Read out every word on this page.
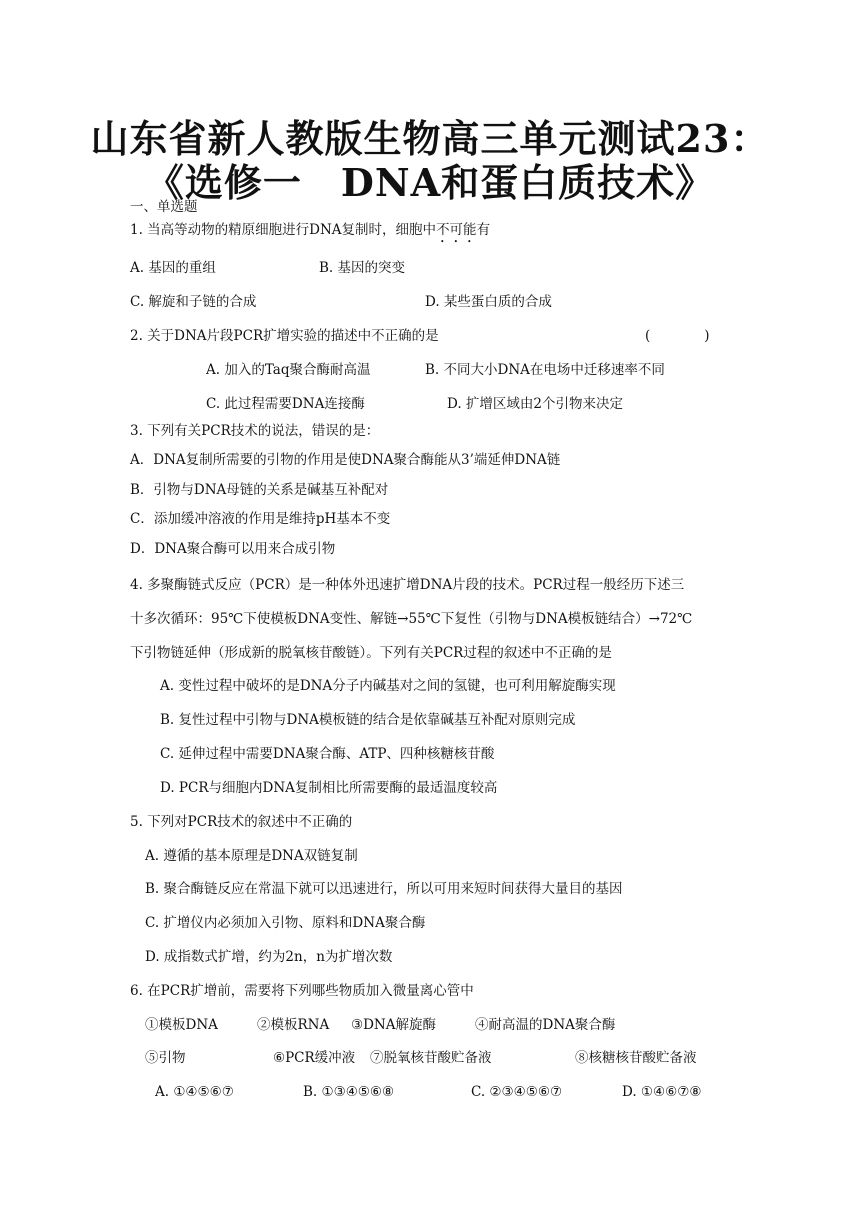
山东省新人教版生物高三单元测试23：
《选修一　DNA和蛋白质技术》
一、单选题
1. 当高等动物的精原细胞进行DNA复制时，细胞中不可能有
A. 基因的重组	B. 基因的突变
C. 解旋和子链的合成	D. 某些蛋白质的合成
2. 关于DNA片段PCR扩增实验的描述中不正确的是	(　　　　)
A. 加入的Taq聚合酶耐高温	B. 不同大小DNA在电场中迁移速率不同
C. 此过程需要DNA连接酶	D. 扩增区域由2个引物来决定
3. 下列有关PCR技术的说法，错误的是：
A．DNA复制所需要的引物的作用是使DNA聚合酶能从3’端延伸DNA链
B．引物与DNA母链的关系是碱基互补配对
C．添加缓冲溶液的作用是维持pH基本不变
D．DNA聚合酶可以用来合成引物
4. 多聚酶链式反应（PCR）是一种体外迅速扩增DNA片段的技术。PCR过程一般经历下述三
十多次循环：95℃下使模板DNA变性、解链→55℃下复性（引物与DNA模板链结合）→72℃
下引物链延伸（形成新的脱氧核苷酸链）。下列有关PCR过程的叙述中不正确的是
A. 变性过程中破坏的是DNA分子内碱基对之间的氢键，也可利用解旋酶实现
B. 复性过程中引物与DNA模板链的结合是依靠碱基互补配对原则完成
C. 延伸过程中需要DNA聚合酶、ATP、四种核糖核苷酸
D. PCR与细胞内DNA复制相比所需要酶的最适温度较高
5. 下列对PCR技术的叙述中不正确的
A. 遵循的基本原理是DNA双链复制
B. 聚合酶链反应在常温下就可以迅速进行，所以可用来短时间获得大量目的基因
C. 扩增仪内必须加入引物、原料和DNA聚合酶
D. 成指数式扩增，约为2n，n为扩增次数
6. 在PCR扩增前，需要将下列哪些物质加入微量离心管中
①模板DNA	②模板RNA ③DNA解旋酶	④耐高温的DNA聚合酶
⑤引物	⑥PCR缓冲液 ⑦脱氧核苷酸贮备液	⑧核糖核苷酸贮备液
A. ①④⑤⑥⑦	B. ①③④⑤⑥⑧	C. ②③④⑤⑥⑦	D. ①④⑥⑦⑧
